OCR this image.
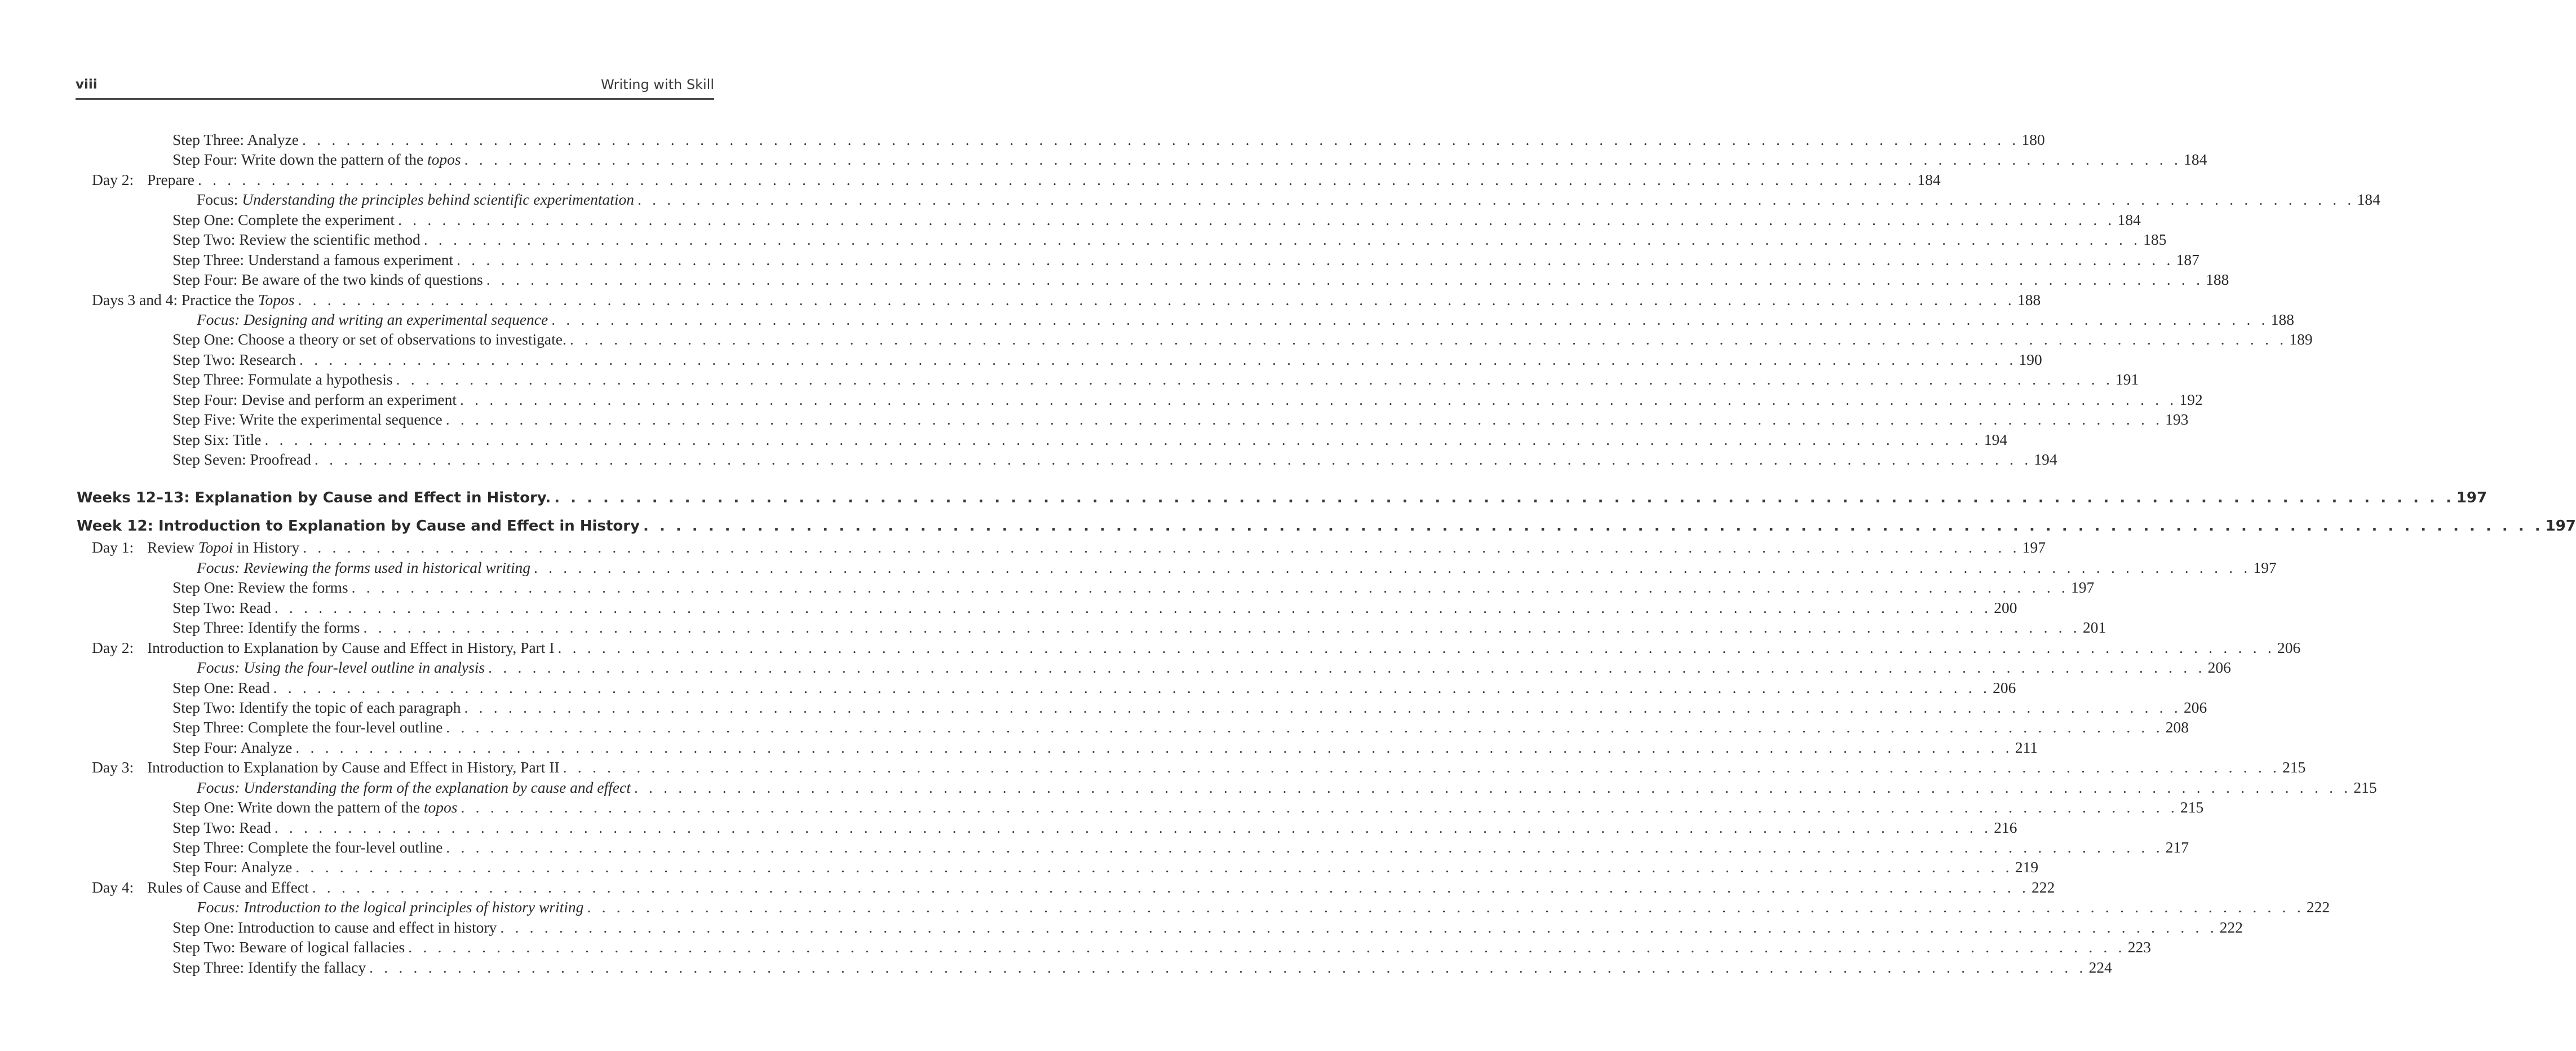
viii	Writing with Skill
Step Three: Analyze . . . . . . . . . . . . . . . . . . . . . . . . . . . . . . . . . . . . . . . . . . . . . . . . . . . . . . . . . . . . . . . . . . . . . . . . . . . . . . . . . . . . . . . . . . . . . . . . . . . . . . . . . . . . . . . . . . . . . 180
Step Four: Write down the pattern of the topos . . . . . . . . . . . . . . . . . . . . . . . . . . . . . . . . . . . . . . . . . . . . . . . . . . . . . . . . . . . . . . . . . . . . . . . . . . . . . . . . . . . . . . . . . . . . . . . . . . . . . . . . . . . . . . . . . . . . . 184
Day 2: Prepare . . . . . . . . . . . . . . . . . . . . . . . . . . . . . . . . . . . . . . . . . . . . . . . . . . . . . . . . . . . . . . . . . . . . . . . . . . . . . . . . . . . . . . . . . . . . . . . . . . . . . . . . . . . . . . . . . . . . . 184
Focus: Understanding the principles behind scientific experimentation . . . . . . . . . . . . . . . . . . . . . . . . . . . . . . . . . . . . . . . . . . . . . . . . . . . . . . . . . . . . . . . . . . . . . . . . . . . . . . . . . . . . . . . . . . . . . . . . . . . . . . . . . . . . . . . . . . . . . 184
Step One: Complete the experiment . . . . . . . . . . . . . . . . . . . . . . . . . . . . . . . . . . . . . . . . . . . . . . . . . . . . . . . . . . . . . . . . . . . . . . . . . . . . . . . . . . . . . . . . . . . . . . . . . . . . . . . . . . . . . . . . . . . . . 184
Step Two: Review the scientific method . . . . . . . . . . . . . . . . . . . . . . . . . . . . . . . . . . . . . . . . . . . . . . . . . . . . . . . . . . . . . . . . . . . . . . . . . . . . . . . . . . . . . . . . . . . . . . . . . . . . . . . . . . . . . . . . . . . . . 185
Step Three: Understand a famous experiment . . . . . . . . . . . . . . . . . . . . . . . . . . . . . . . . . . . . . . . . . . . . . . . . . . . . . . . . . . . . . . . . . . . . . . . . . . . . . . . . . . . . . . . . . . . . . . . . . . . . . . . . . . . . . . . . . . . . . 187
Step Four: Be aware of the two kinds of questions . . . . . . . . . . . . . . . . . . . . . . . . . . . . . . . . . . . . . . . . . . . . . . . . . . . . . . . . . . . . . . . . . . . . . . . . . . . . . . . . . . . . . . . . . . . . . . . . . . . . . . . . . . . . . . . . . . . . . 188
Days 3 and 4: Practice the Topos . . . . . . . . . . . . . . . . . . . . . . . . . . . . . . . . . . . . . . . . . . . . . . . . . . . . . . . . . . . . . . . . . . . . . . . . . . . . . . . . . . . . . . . . . . . . . . . . . . . . . . . . . . . . . . . . . . . . . 188
Focus: Designing and writing an experimental sequence . . . . . . . . . . . . . . . . . . . . . . . . . . . . . . . . . . . . . . . . . . . . . . . . . . . . . . . . . . . . . . . . . . . . . . . . . . . . . . . . . . . . . . . . . . . . . . . . . . . . . . . . . . . . . . . . . . . . . 188
Step One: Choose a theory or set of observations to investigate. . . . . . . . . . . . . . . . . . . . . . . . . . . . . . . . . . . . . . . . . . . . . . . . . . . . . . . . . . . . . . . . . . . . . . . . . . . . . . . . . . . . . . . . . . . . . . . . . . . . . . . . . . . . . . . . . . . . . . 189
Step Two: Research . . . . . . . . . . . . . . . . . . . . . . . . . . . . . . . . . . . . . . . . . . . . . . . . . . . . . . . . . . . . . . . . . . . . . . . . . . . . . . . . . . . . . . . . . . . . . . . . . . . . . . . . . . . . . . . . . . . . . 190
Step Three: Formulate a hypothesis . . . . . . . . . . . . . . . . . . . . . . . . . . . . . . . . . . . . . . . . . . . . . . . . . . . . . . . . . . . . . . . . . . . . . . . . . . . . . . . . . . . . . . . . . . . . . . . . . . . . . . . . . . . . . . . . . . . . . 191
Step Four: Devise and perform an experiment . . . . . . . . . . . . . . . . . . . . . . . . . . . . . . . . . . . . . . . . . . . . . . . . . . . . . . . . . . . . . . . . . . . . . . . . . . . . . . . . . . . . . . . . . . . . . . . . . . . . . . . . . . . . . . . . . . . . . 192
Step Five: Write the experimental sequence . . . . . . . . . . . . . . . . . . . . . . . . . . . . . . . . . . . . . . . . . . . . . . . . . . . . . . . . . . . . . . . . . . . . . . . . . . . . . . . . . . . . . . . . . . . . . . . . . . . . . . . . . . . . . . . . . . . . . 193
Step Six: Title . . . . . . . . . . . . . . . . . . . . . . . . . . . . . . . . . . . . . . . . . . . . . . . . . . . . . . . . . . . . . . . . . . . . . . . . . . . . . . . . . . . . . . . . . . . . . . . . . . . . . . . . . . . . . . . . . . . . . 194
Step Seven: Proofread . . . . . . . . . . . . . . . . . . . . . . . . . . . . . . . . . . . . . . . . . . . . . . . . . . . . . . . . . . . . . . . . . . . . . . . . . . . . . . . . . . . . . . . . . . . . . . . . . . . . . . . . . . . . . . . . . . . . . 194
Weeks 12–13: Explanation by Cause and Effect in History. . . . . . . . . . . . . . . . . . . . . . . . . . . . . . . . . . . . . . . . . . . . . . . . . . . . . . . . . . . . . . . . . . . . . . . . . . . . . . . . . . . . . . . . . . . . . . . . . . . . . . . . . . . . . . . . . . . . . . 197
Week 12: Introduction to Explanation by Cause and Effect in History . . . . . . . . . . . . . . . . . . . . . . . . . . . . . . . . . . . . . . . . . . . . . . . . . . . . . . . . . . . . . . . . . . . . . . . . . . . . . . . . . . . . . . . . . . . . . . . . . . . . . . . . . . . . . . . . . . . . . 197
Day 1: Review Topoi in History . . . . . . . . . . . . . . . . . . . . . . . . . . . . . . . . . . . . . . . . . . . . . . . . . . . . . . . . . . . . . . . . . . . . . . . . . . . . . . . . . . . . . . . . . . . . . . . . . . . . . . . . . . . . . . . . . . . . . 197
Focus: Reviewing the forms used in historical writing . . . . . . . . . . . . . . . . . . . . . . . . . . . . . . . . . . . . . . . . . . . . . . . . . . . . . . . . . . . . . . . . . . . . . . . . . . . . . . . . . . . . . . . . . . . . . . . . . . . . . . . . . . . . . . . . . . . . . 197
Step One: Review the forms . . . . . . . . . . . . . . . . . . . . . . . . . . . . . . . . . . . . . . . . . . . . . . . . . . . . . . . . . . . . . . . . . . . . . . . . . . . . . . . . . . . . . . . . . . . . . . . . . . . . . . . . . . . . . . . . . . . . . 197
Step Two: Read . . . . . . . . . . . . . . . . . . . . . . . . . . . . . . . . . . . . . . . . . . . . . . . . . . . . . . . . . . . . . . . . . . . . . . . . . . . . . . . . . . . . . . . . . . . . . . . . . . . . . . . . . . . . . . . . . . . . . 200
Step Three: Identify the forms . . . . . . . . . . . . . . . . . . . . . . . . . . . . . . . . . . . . . . . . . . . . . . . . . . . . . . . . . . . . . . . . . . . . . . . . . . . . . . . . . . . . . . . . . . . . . . . . . . . . . . . . . . . . . . . . . . . . . 201
Day 2: Introduction to Explanation by Cause and Effect in History, Part I . . . . . . . . . . . . . . . . . . . . . . . . . . . . . . . . . . . . . . . . . . . . . . . . . . . . . . . . . . . . . . . . . . . . . . . . . . . . . . . . . . . . . . . . . . . . . . . . . . . . . . . . . . . . . . . . . . . . . 206
Focus: Using the four-level outline in analysis . . . . . . . . . . . . . . . . . . . . . . . . . . . . . . . . . . . . . . . . . . . . . . . . . . . . . . . . . . . . . . . . . . . . . . . . . . . . . . . . . . . . . . . . . . . . . . . . . . . . . . . . . . . . . . . . . . . . . 206
Step One: Read . . . . . . . . . . . . . . . . . . . . . . . . . . . . . . . . . . . . . . . . . . . . . . . . . . . . . . . . . . . . . . . . . . . . . . . . . . . . . . . . . . . . . . . . . . . . . . . . . . . . . . . . . . . . . . . . . . . . . 206
Step Two: Identify the topic of each paragraph . . . . . . . . . . . . . . . . . . . . . . . . . . . . . . . . . . . . . . . . . . . . . . . . . . . . . . . . . . . . . . . . . . . . . . . . . . . . . . . . . . . . . . . . . . . . . . . . . . . . . . . . . . . . . . . . . . . . . 206
Step Three: Complete the four-level outline . . . . . . . . . . . . . . . . . . . . . . . . . . . . . . . . . . . . . . . . . . . . . . . . . . . . . . . . . . . . . . . . . . . . . . . . . . . . . . . . . . . . . . . . . . . . . . . . . . . . . . . . . . . . . . . . . . . . . 208
Step Four: Analyze . . . . . . . . . . . . . . . . . . . . . . . . . . . . . . . . . . . . . . . . . . . . . . . . . . . . . . . . . . . . . . . . . . . . . . . . . . . . . . . . . . . . . . . . . . . . . . . . . . . . . . . . . . . . . . . . . . . . . 211
Day 3: Introduction to Explanation by Cause and Effect in History, Part II . . . . . . . . . . . . . . . . . . . . . . . . . . . . . . . . . . . . . . . . . . . . . . . . . . . . . . . . . . . . . . . . . . . . . . . . . . . . . . . . . . . . . . . . . . . . . . . . . . . . . . . . . . . . . . . . . . . . . 215
Focus: Understanding the form of the explanation by cause and effect . . . . . . . . . . . . . . . . . . . . . . . . . . . . . . . . . . . . . . . . . . . . . . . . . . . . . . . . . . . . . . . . . . . . . . . . . . . . . . . . . . . . . . . . . . . . . . . . . . . . . . . . . . . . . . . . . . . . . 215
Step One: Write down the pattern of the topos . . . . . . . . . . . . . . . . . . . . . . . . . . . . . . . . . . . . . . . . . . . . . . . . . . . . . . . . . . . . . . . . . . . . . . . . . . . . . . . . . . . . . . . . . . . . . . . . . . . . . . . . . . . . . . . . . . . . . 215
Step Two: Read . . . . . . . . . . . . . . . . . . . . . . . . . . . . . . . . . . . . . . . . . . . . . . . . . . . . . . . . . . . . . . . . . . . . . . . . . . . . . . . . . . . . . . . . . . . . . . . . . . . . . . . . . . . . . . . . . . . . . 216
Step Three: Complete the four-level outline . . . . . . . . . . . . . . . . . . . . . . . . . . . . . . . . . . . . . . . . . . . . . . . . . . . . . . . . . . . . . . . . . . . . . . . . . . . . . . . . . . . . . . . . . . . . . . . . . . . . . . . . . . . . . . . . . . . . . 217
Step Four: Analyze . . . . . . . . . . . . . . . . . . . . . . . . . . . . . . . . . . . . . . . . . . . . . . . . . . . . . . . . . . . . . . . . . . . . . . . . . . . . . . . . . . . . . . . . . . . . . . . . . . . . . . . . . . . . . . . . . . . . . 219
Day 4: Rules of Cause and Effect . . . . . . . . . . . . . . . . . . . . . . . . . . . . . . . . . . . . . . . . . . . . . . . . . . . . . . . . . . . . . . . . . . . . . . . . . . . . . . . . . . . . . . . . . . . . . . . . . . . . . . . . . . . . . . . . . . . . . 222
Focus: Introduction to the logical principles of history writing . . . . . . . . . . . . . . . . . . . . . . . . . . . . . . . . . . . . . . . . . . . . . . . . . . . . . . . . . . . . . . . . . . . . . . . . . . . . . . . . . . . . . . . . . . . . . . . . . . . . . . . . . . . . . . . . . . . . . 222
Step One: Introduction to cause and effect in history . . . . . . . . . . . . . . . . . . . . . . . . . . . . . . . . . . . . . . . . . . . . . . . . . . . . . . . . . . . . . . . . . . . . . . . . . . . . . . . . . . . . . . . . . . . . . . . . . . . . . . . . . . . . . . . . . . . . . 222
Step Two: Beware of logical fallacies . . . . . . . . . . . . . . . . . . . . . . . . . . . . . . . . . . . . . . . . . . . . . . . . . . . . . . . . . . . . . . . . . . . . . . . . . . . . . . . . . . . . . . . . . . . . . . . . . . . . . . . . . . . . . . . . . . . . . 223
Step Three: Identify the fallacy . . . . . . . . . . . . . . . . . . . . . . . . . . . . . . . . . . . . . . . . . . . . . . . . . . . . . . . . . . . . . . . . . . . . . . . . . . . . . . . . . . . . . . . . . . . . . . . . . . . . . . . . . . . . . . . . . . . . . 224
